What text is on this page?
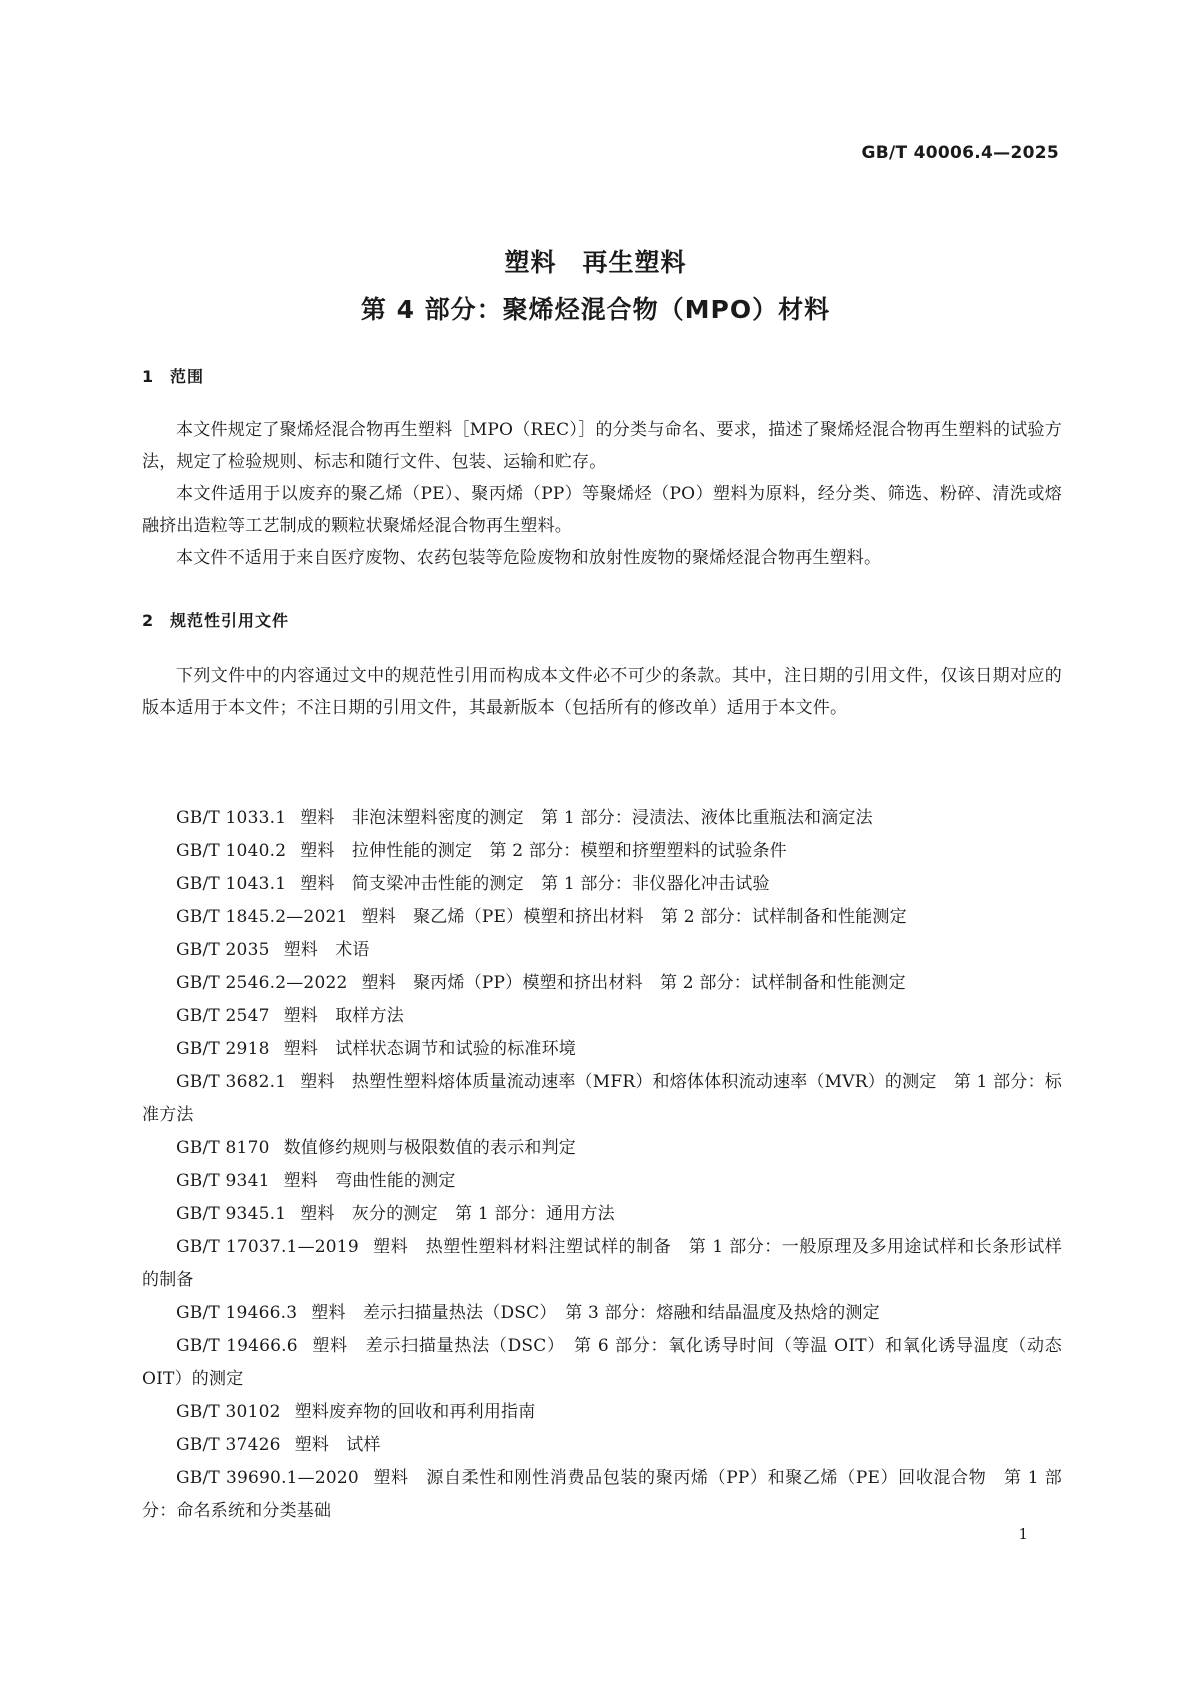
GB/T 40006.4—2025
塑料　再生塑料
第 4 部分：聚烯烃混合物（MPO）材料
1 范围
本文件规定了聚烯烃混合物再生塑料［MPO（REC）］的分类与命名、要求，描述了聚烯烃混合物再生塑料的试验方法，规定了检验规则、标志和随行文件、包装、运输和贮存。
本文件适用于以废弃的聚乙烯（PE）、聚丙烯（PP）等聚烯烃（PO）塑料为原料，经分类、筛选、粉碎、清洗或熔融挤出造粒等工艺制成的颗粒状聚烯烃混合物再生塑料。
本文件不适用于来自医疗废物、农药包装等危险废物和放射性废物的聚烯烃混合物再生塑料。
2 规范性引用文件
下列文件中的内容通过文中的规范性引用而构成本文件必不可少的条款。其中，注日期的引用文件，仅该日期对应的版本适用于本文件；不注日期的引用文件，其最新版本（包括所有的修改单）适用于本文件。
GB/T 1033.1 塑料　非泡沫塑料密度的测定　第 1 部分：浸渍法、液体比重瓶法和滴定法
GB/T 1040.2 塑料　拉伸性能的测定　第 2 部分：模塑和挤塑塑料的试验条件
GB/T 1043.1 塑料　简支梁冲击性能的测定　第 1 部分：非仪器化冲击试验
GB/T 1845.2—2021 塑料　聚乙烯（PE）模塑和挤出材料　第 2 部分：试样制备和性能测定
GB/T 2035 塑料　术语
GB/T 2546.2—2022 塑料　聚丙烯（PP）模塑和挤出材料　第 2 部分：试样制备和性能测定
GB/T 2547 塑料　取样方法
GB/T 2918 塑料　试样状态调节和试验的标准环境
GB/T 3682.1 塑料　热塑性塑料熔体质量流动速率（MFR）和熔体体积流动速率（MVR）的测定　第 1 部分：标准方法
GB/T 8170 数值修约规则与极限数值的表示和判定
GB/T 9341 塑料　弯曲性能的测定
GB/T 9345.1 塑料　灰分的测定　第 1 部分：通用方法
GB/T 17037.1—2019 塑料　热塑性塑料材料注塑试样的制备　第 1 部分：一般原理及多用途试样和长条形试样的制备
GB/T 19466.3 塑料　差示扫描量热法（DSC）　第 3 部分：熔融和结晶温度及热焓的测定
GB/T 19466.6 塑料　差示扫描量热法（DSC）　第 6 部分：氧化诱导时间（等温 OIT）和氧化诱导温度（动态 OIT）的测定
GB/T 30102 塑料废弃物的回收和再利用指南
GB/T 37426 塑料　试样
GB/T 39690.1—2020 塑料　源自柔性和刚性消费品包装的聚丙烯（PP）和聚乙烯（PE）回收混合物　第 1 部分：命名系统和分类基础
1
